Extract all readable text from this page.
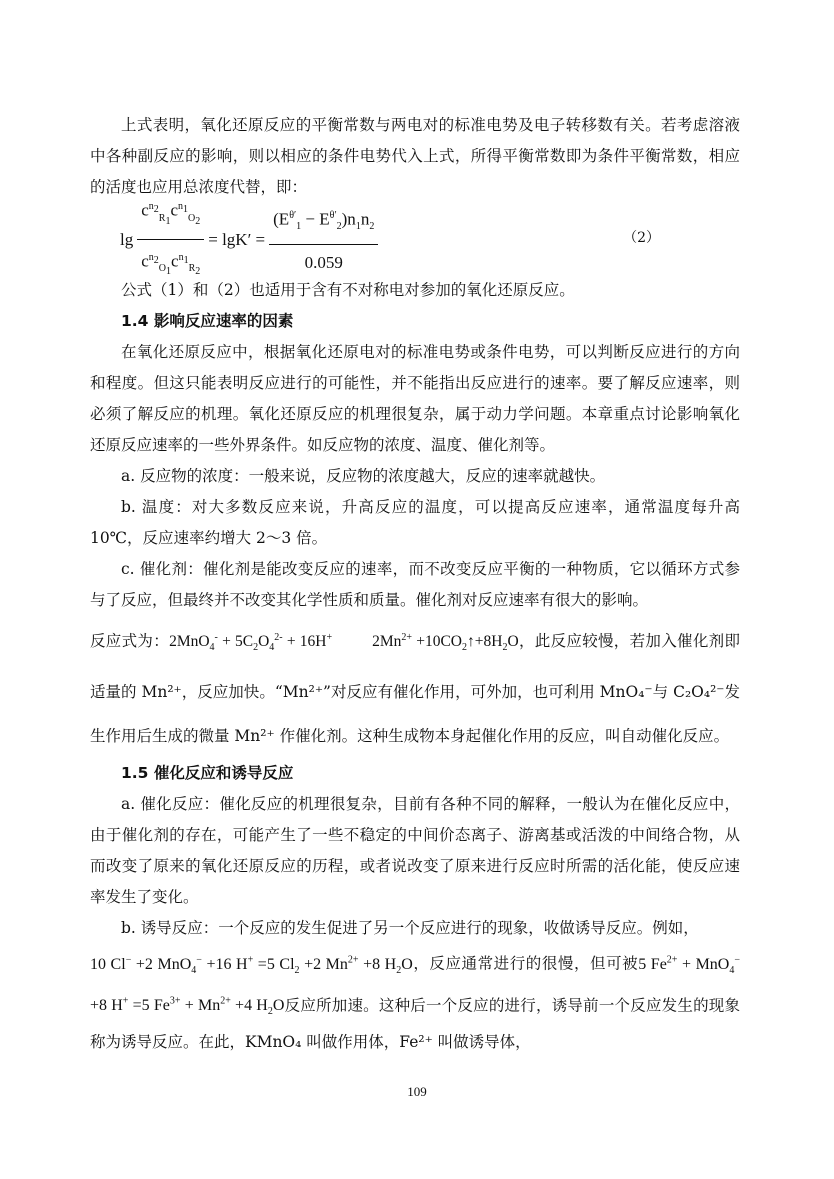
上式表明，氧化还原反应的平衡常数与两电对的标准电势及电子转移数有关。若考虑溶液中各种副反应的影响，则以相应的条件电势代入上式，所得平衡常数即为条件平衡常数，相应的活度也应用总浓度代替，即：

$\lg \frac{c^{n_2}_{R_1}c^{n_1}_{O_2}}{c^{n_2}_{O_1}c^{n_1}_{R_2}} = \lg K' = \frac{(E^{\theta'}_1 - E^{\theta'}_2)n_1n_2}{0.059}$	（2）

公式（1）和（2）也适用于含有不对称电对参加的氧化还原反应。

1.4 影响反应速率的因素

在氧化还原反应中，根据氧化还原电对的标准电势或条件电势，可以判断反应进行的方向和程度。但这只能表明反应进行的可能性，并不能指出反应进行的速率。要了解反应速率，则必须了解反应的机理。氧化还原反应的机理很复杂，属于动力学问题。本章重点讨论影响氧化还原反应速率的一些外界条件。如反应物的浓度、温度、催化剂等。

a. 反应物的浓度：一般来说，反应物的浓度越大，反应的速率就越快。

b. 温度：对大多数反应来说，升高反应的温度，可以提高反应速率，通常温度每升高 10℃，反应速率约增大 2～3 倍。

c. 催化剂：催化剂是能改变反应的速率，而不改变反应平衡的一种物质，它以循环方式参与了反应，但最终并不改变其化学性质和质量。催化剂对反应速率有很大的影响。

反应式为：$2MnO_4^- + 5C_2O_4^{2-} + 16H^+$	$2Mn^{2+}$ $+10CO_2↑+8H_2O$，此反应较慢，若加入催化剂即适量的 Mn²⁺，反应加快。“Mn²⁺”对反应有催化作用，可外加，也可利用 MnO₄⁻与 C₂O₄²⁻发生作用后生成的微量 Mn²⁺ 作催化剂。这种生成物本身起催化作用的反应，叫自动催化反应。

1.5 催化反应和诱导反应

a. 催化反应：催化反应的机理很复杂，目前有各种不同的解释，一般认为在催化反应中，由于催化剂的存在，可能产生了一些不稳定的中间价态离子、游离基或活泼的中间络合物，从而改变了原来的氧化还原反应的历程，或者说改变了原来进行反应时所需的活化能，使反应速率发生了变化。

b. 诱导反应：一个反应的发生促进了另一个反应进行的现象，收做诱导反应。例如，

10 Cl− +2 MnO$_4$− +16 H+ =5 $Cl_2 +2$ $Mn^{2+} +8$ $H_2O$，反应通常进行的很慢，但可被5 $Fe^{2+} + MnO_4^- +8$ H+ =5 $Fe^{3+} + Mn^{2+} +4$ $H_2O$反应所加速。这种后一个反应的进行，诱导前一个反应发生的现象称为诱导反应。在此，KMnO₄ 叫做作用体，Fe²⁺ 叫做诱导体，

109
